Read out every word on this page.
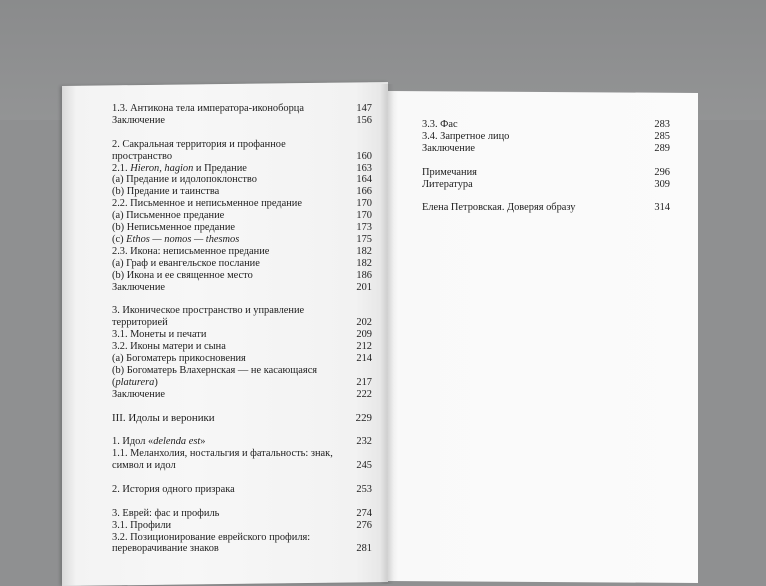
1.3. Антикона тела императора-иконоборца	147
Заключение	156
2. Сакральная территория и профанное
пространство	160
2.1. Hieron, hagion и Предание	163
(a) Предание и идолопоклонство	164
(b) Предание и таинства	166
2.2. Письменное и неписьменное предание	170
(a) Письменное предание	170
(b) Неписьменное предание	173
(c) Ethos — nomos — thesmos	175
2.3. Икона: неписьменное предание	182
(a) Граф и евангельское послание	182
(b) Икона и ее священное место	186
Заключение	201
3. Иконическое пространство и управление
территорией	202
3.1. Монеты и печати	209
3.2. Иконы матери и сына	212
(a) Богоматерь прикосновения	214
(b) Богоматерь Влахернская — не касающаяся
(platurera)	217
Заключение	222
III. Идолы и вероники	229
1. Идол «delenda est»	232
1.1. Меланхолия, ностальгия и фатальность: знак,
символ и идол	245
2. История одного призрака	253
3. Еврей: фас и профиль	274
3.1. Профили	276
3.2. Позиционирование еврейского профиля:
переворачивание знаков	281
3.3. Фас	283
3.4. Запретное лицо	285
Заключение	289
Примечания	296
Литература	309
Елена Петровская. Доверяя образу	314
